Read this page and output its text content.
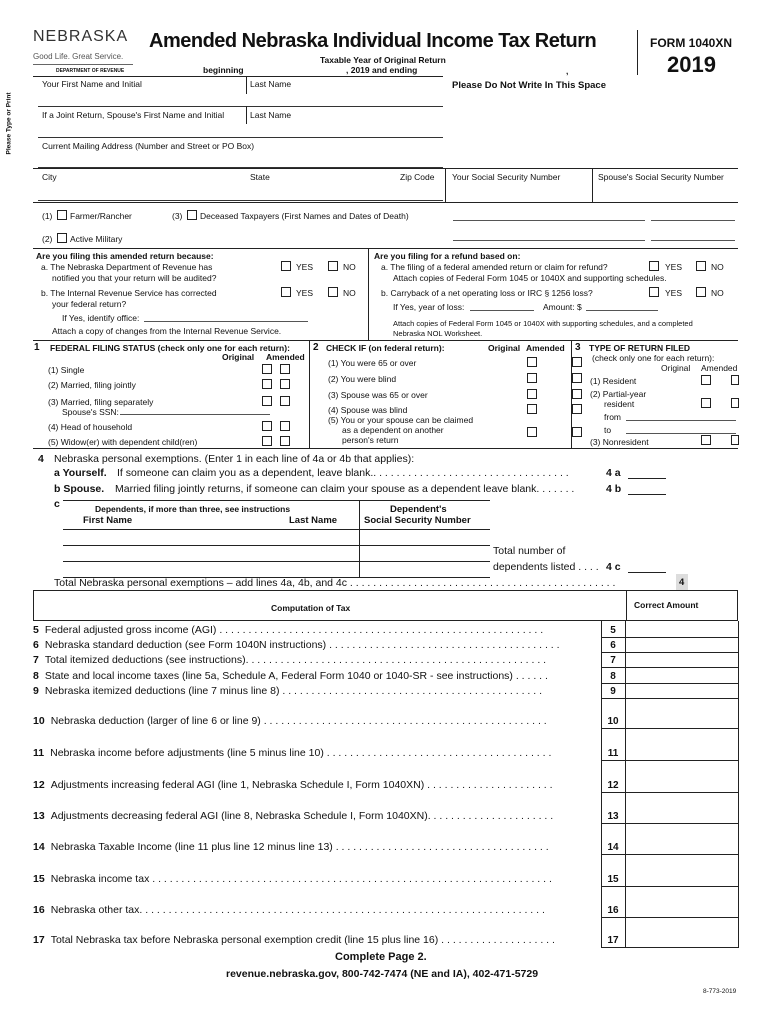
NEBRASKA
Good Life. Great Service.
DEPARTMENT OF REVENUE
Amended Nebraska Individual Income Tax Return
Taxable Year of Original Return
beginning	, 2019 and ending	,
FORM 1040XN
2019
Your First Name and Initial	Last Name	Please Do Not Write In This Space
Please Type or Print	If a Joint Return, Spouse's First Name and Initial	Last Name
Current Mailing Address (Number and Street or PO Box)
City	State	Zip Code Your Social Security Number	Spouse's Social Security Number
(1) Farmer/Rancher	(3) Deceased Taxpayers (First Names and Dates of Death)
(2) Active Military
Are you filing this amended return because:
a. The Nebraska Department of Revenue has
notified you that your return will be audited?
YES	NO
b. The Internal Revenue Service has corrected
your federal return?
YES	NO
If Yes, identify office:
Attach a copy of changes from the Internal Revenue Service.
Are you filing for a refund based on:
a. The filing of a federal amended return or claim for refund?
Attach copies of Federal Form 1045 or 1040X and supporting schedules.
YES	NO
b. Carryback of a net operating loss or IRC § 1256 loss?	YES	NO
If Yes, year of loss:	Amount: $
Attach copies of Federal Form 1045 or 1040X with supporting schedules, and a completed
Nebraska NOL Worksheet.
1 FEDERAL FILING STATUS (check only one for each return):
Original Amended
(1) Single
(2) Married, filing jointly
(3) Married, filing separately
Spouse's SSN:
(4) Head of household
(5) Widow(er) with dependent child(ren)
2 CHECK IF (on federal return):	Original Amended
(1) You were 65 or over
(2) You were blind
(3) Spouse was 65 or over
(4) Spouse was blind
(5) You or your spouse can be claimed
as a dependent on another
person's return
3 TYPE OF RETURN FILED
(check only one for each return):
Original Amended
(1) Resident
(2) Partial-year
resident
from
to
(3) Nonresident
4 Nebraska personal exemptions. (Enter 1 in each line of 4a or 4b that applies):
a Yourself. If someone can claim you as a dependent, leave blank.. . . . . . . . . . . . . . . . . . . . . . . . . . . . . . . . . .	4 a
b Spouse. Married filing jointly returns, if someone can claim your spouse as a dependent leave blank. . . . . . .	4 b
c	Dependents, if more than three, see instructions
First Name	Last Name
Dependent's
Social Security Number
Total number of
dependents listed . . . . 4 c
Total Nebraska personal exemptions – add lines 4a, 4b, and 4c . . . . . . . . . . . . . . . . . . . . . . . . . . . . . . . . . . . . . . . . . . . . . .	4
Computation of Tax	Correct Amount
5 Federal adjusted gross income (AGI) . . . . . . . . . . . . . . . . . . . . . . . . . . . . . . . . . . . . . . . . . . . . . . . . . . . . . . . .	5
6 Nebraska standard deduction (see Form 1040N instructions) . . . . . . . . . . . . . . . . . . . . . . . . . . . . . . . . . . . . . . . .	6
7 Total itemized deductions (see instructions). . . . . . . . . . . . . . . . . . . . . . . . . . . . . . . . . . . . . . . . . . . . . . . . . . . .	7
8 State and local income taxes (line 5a, Schedule A, Federal Form 1040 or 1040-SR - see instructions) . . . . . .	8
9 Nebraska itemized deductions (line 7 minus line 8) . . . . . . . . . . . . . . . . . . . . . . . . . . . . . . . . . . . . . . . . . . . . .	9
10 Nebraska deduction (larger of line 6 or line 9) . . . . . . . . . . . . . . . . . . . . . . . . . . . . . . . . . . . . . . . . . . . . . . . . .	10
11 Nebraska income before adjustments (line 5 minus line 10) . . . . . . . . . . . . . . . . . . . . . . . . . . . . . . . . . . . . . . .	11
12 Adjustments increasing federal AGI (line 1, Nebraska Schedule I, Form 1040XN) . . . . . . . . . . . . . . . . . . . . . .	12
13 Adjustments decreasing federal AGI (line 8, Nebraska Schedule I, Form 1040XN). . . . . . . . . . . . . . . . . . . . . .	13
14 Nebraska Taxable Income (line 11 plus line 12 minus line 13) . . . . . . . . . . . . . . . . . . . . . . . . . . . . . . . . . . . . .	14
15 Nebraska income tax . . . . . . . . . . . . . . . . . . . . . . . . . . . . . . . . . . . . . . . . . . . . . . . . . . . . . . . . . . . . . . . . . . . . .	15
16 Nebraska other tax. . . . . . . . . . . . . . . . . . . . . . . . . . . . . . . . . . . . . . . . . . . . . . . . . . . . . . . . . . . . . . . . . . . . . .	16
17 Total Nebraska tax before Nebraska personal exemption credit (line 15 plus line 16) . . . . . . . . . . . . . . . . . . . .	17
Complete Page 2.
revenue.nebraska.gov, 800-742-7474 (NE and IA), 402-471-5729
8-773-2019
